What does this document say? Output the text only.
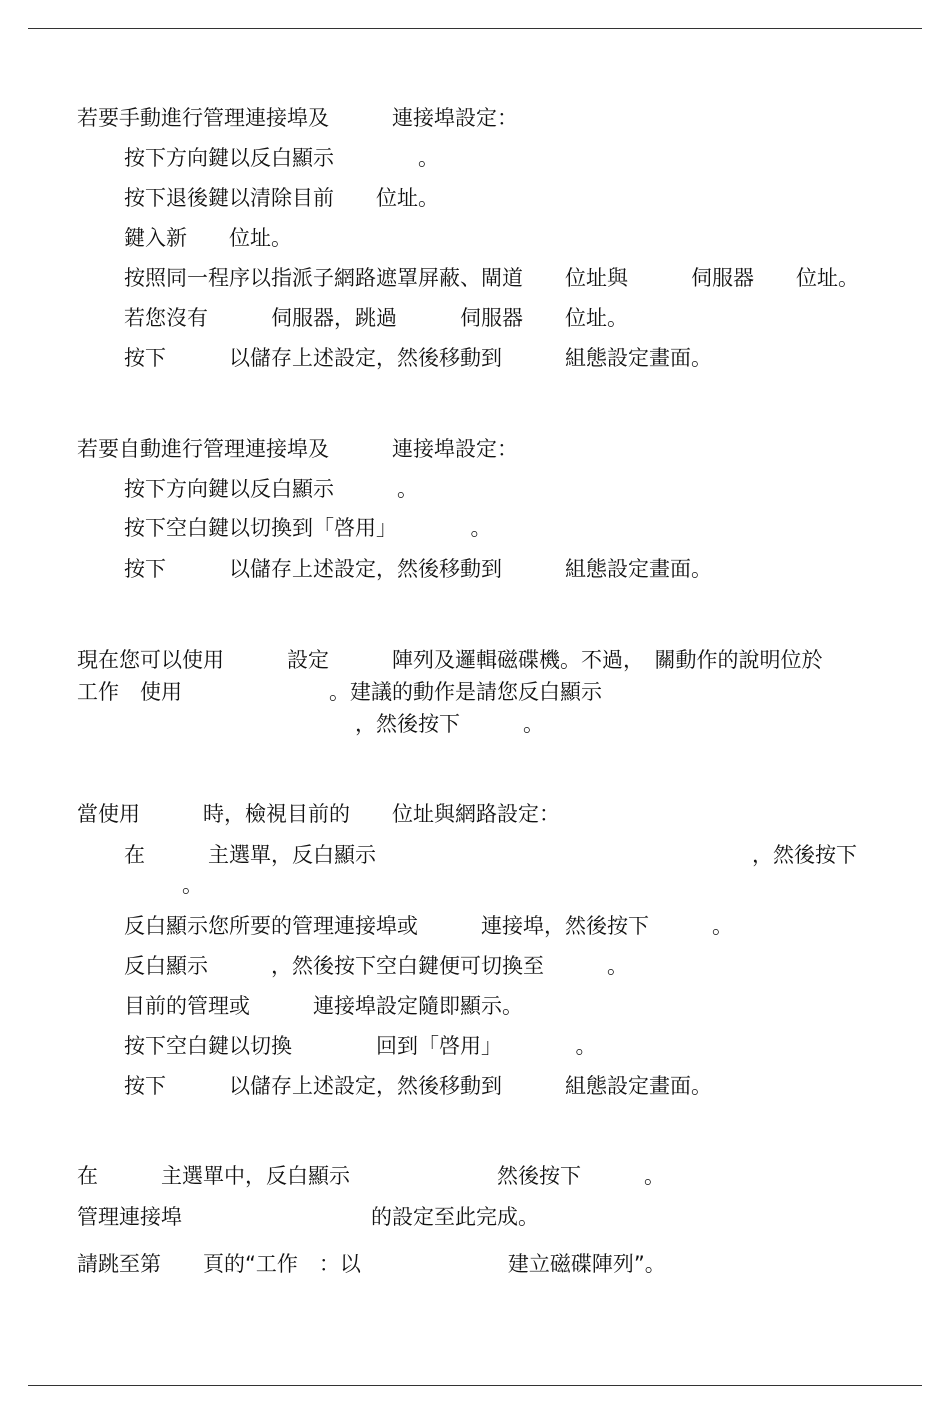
若要手動進行管理連接埠及　　　連接埠設定：
按下方向鍵以反白顯示　　　　。
按下退後鍵以清除目前　　位址。
鍵入新　　位址。
按照同一程序以指派子網路遮罩屏蔽、閘道　　位址與　　　伺服器　　位址。
若您沒有　　　伺服器，跳過　　　伺服器　　位址。
按下　　　以儲存上述設定，然後移動到　　　組態設定畫面。
若要自動進行管理連接埠及　　　連接埠設定：
按下方向鍵以反白顯示　　　。
按下空白鍵以切換到「啓用」　　　　。
按下　　　以儲存上述設定，然後移動到　　　組態設定畫面。
現在您可以使用　　　設定　　　陣列及邏輯磁碟機。不過，　關動作的說明位於
工作　使用　　　　　　　。建議的動作是請您反白顯示
，然後按下　　　。
當使用　　　時，檢視目前的　　位址與網路設定：
在　　　主選單，反白顯示	，然後按下
。
反白顯示您所要的管理連接埠或　　　連接埠，然後按下　　　。
反白顯示　　　，然後按下空白鍵便可切換至　　　。
目前的管理或　　　連接埠設定隨即顯示。
按下空白鍵以切換　　　　回到「啓用」　　　　。
按下　　　以儲存上述設定，然後移動到　　　組態設定畫面。
在　　　主選單中，反白顯示　　　　　　　然後按下　　　。
管理連接埠　　　　　　　　　的設定至此完成。
請跳至第　　頁的“工作　：以　　　　　　　建立磁碟陣列”。
